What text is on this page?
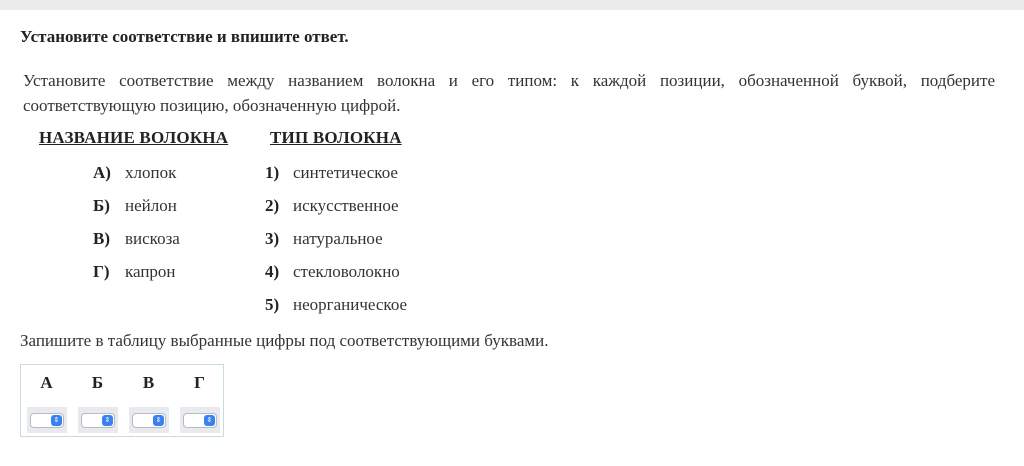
Установите соответствие и впишите ответ.
Установите соответствие между названием волокна и его типом: к каждой позиции, обозначенной буквой, подберите соответствующую позицию, обозначенную цифрой.
НАЗВАНИЕ ВОЛОКНА ТИП ВОЛОКНА
А) хлопок
Б) нейлон
В) вискоза
Г) капрон
1) синтетическое
2) искусственное
3) натуральное
4) стекловолокно
5) неорганическое
Запишите в таблицу выбранные цифры под соответствующими буквами.
А	Б	В	Г
⇕	⇕	⇕	⇕
